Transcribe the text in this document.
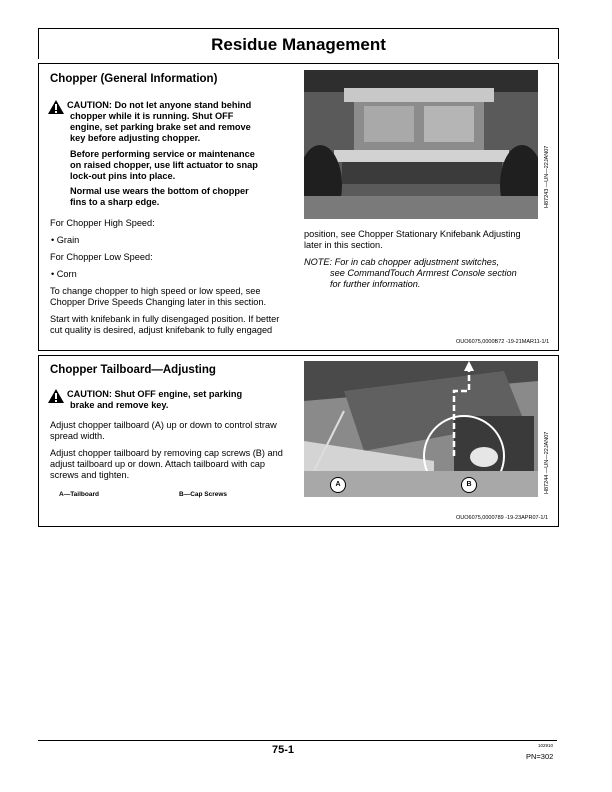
Residue Management
Chopper (General Information)
CAUTION: Do not let anyone stand behind
chopper while it is running. Shut OFF
engine, set parking brake set and remove
key before adjusting chopper.
Before performing service or maintenance
on raised chopper, use lift actuator to snap
lock-out pins into place.
Normal use wears the bottom of chopper
fins to a sharp edge.
For Chopper High Speed:
• Grain
For Chopper Low Speed:
• Corn
To change chopper to high speed or low speed, see
Chopper Drive Speeds Changing later in this section.
Start with knifebank in fully disengaged position. If better
cut quality is desired, adjust knifebank to fully engaged
H87243 —UN—22JAN07
position, see Chopper Stationary Knifebank Adjusting
later in this section.
NOTE: For in cab chopper adjustment switches,
see CommandTouch Armrest Console section
for further information.
OUO6075,0000B72 -19-21MAR11-1/1
Chopper Tailboard—Adjusting
CAUTION: Shut OFF engine, set parking
brake and remove key.
Adjust chopper tailboard (A) up or down to control straw
spread width.
Adjust chopper tailboard by removing cap screws (B) and
adjust tailboard up or down. Attach tailboard with cap
screws and tighten.
A—Tailboard	B—Cap Screws
A	B	H87244 —UN—22JAN07
OUO6075,0000789 -19-23APR07-1/1
75-1	102910
PN=302
